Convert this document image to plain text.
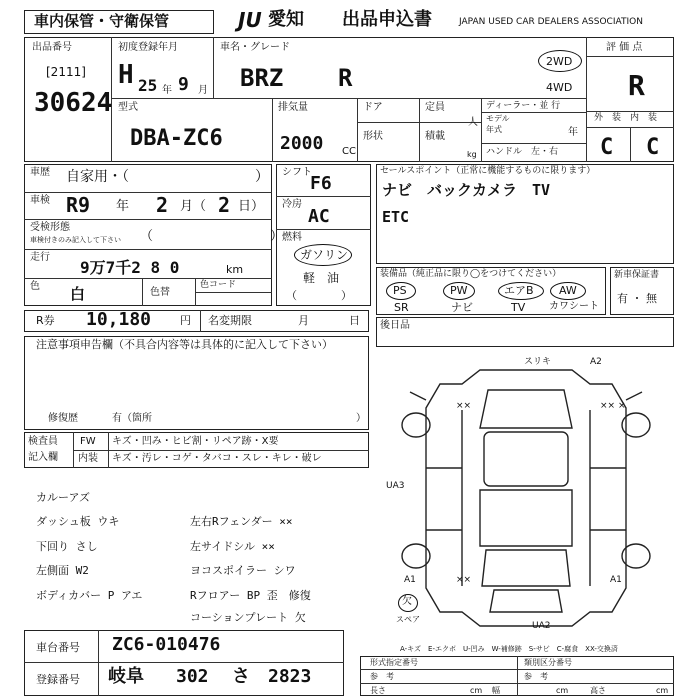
車内保管・守衛保管	JU 愛知 出品申込書	JAPAN USED CAR DEALERS ASSOCIATION
出品番号
[2111]
30624
初度登録年月
H 25 年 9 月
車名・グレード
BRZ R
型式
DBA-ZC6
排気量
2000 CC
ドア
形状
定員
人
積載
kg
ディーラー・並 行
モデル
年式	年
ハンドル　左・右
2WD
4WD
評 価 点
R
外　装　内　装
C C
車歴 自家用・（	）
車検 R9 年 2 月（ 2 日）
受検形態
車検付きのみ記入して下さい （　　　　　　　　　）
走行
9万7千2 8 0	km
色 白	色替
色コード
シフト
F6
冷房
AC
燃料
ガソリン
軽　油
（　　　　）
セールスポイント（正常に機能するものに限ります）
ナビ　バックカメラ　TV
ETC
装備品（純正品に限り◯をつけてください）
PS	PW	エアB AW
SR	ナビ	TV カワシート
新車保証書
有 ・ 無
R券 10,180	円 名変期限	月	日 後日品
注意事項申告欄（不具合内容等は具体的に記入して下さい）
修復歴	有（箇所	）
検査員
記入欄
FW キズ・凹み・ヒビ割・リペア跡・X要
内装 キズ・汚レ・コゲ・タバコ・スレ・キレ・破レ
カルーアズ
ダッシュ板 ウキ
下回り さし
左側面 W2
ボディカバー P アエ
左右Rフェンダー ××
左サイドシル ××
ヨコスポイラー シワ
Rフロアー BP 歪　修復
コーションプレート 欠
スリキ	A2
×× ×
××
UA3
A1	××	A1
UA2
欠
スペア
A-キズ　E-エクボ　U-凹み　W-補修跡　S-サビ　C-腐食　XX-交換済
車台番号 ZC6-010476
登録番号 岐阜 302 さ 2823
形式指定番号	類別区分番号
参　考	参　考
長さ	cm 幅	cm	高さ	cm
